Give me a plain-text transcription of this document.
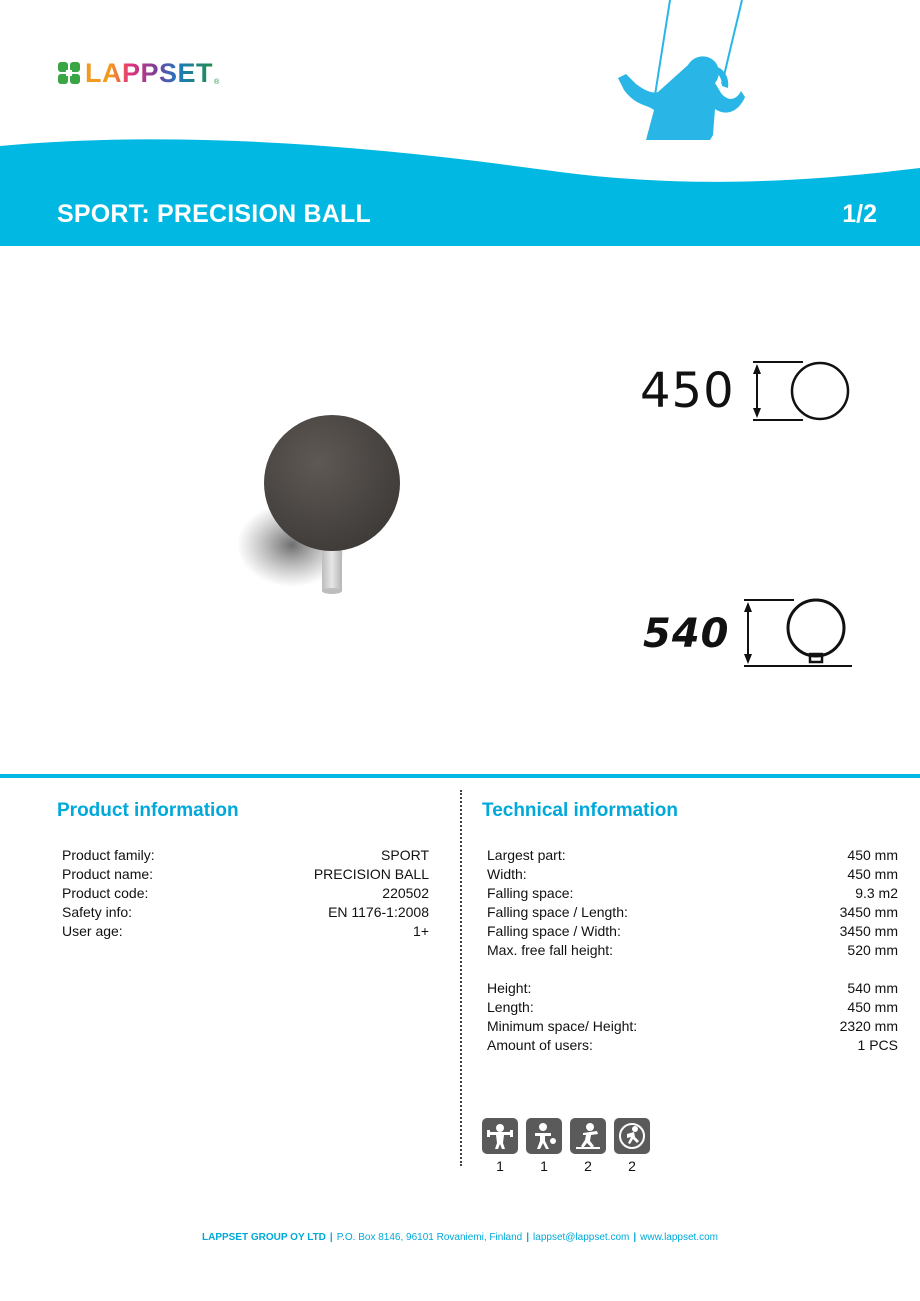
LAPPSET ®
SPORT: PRECISION BALL	1/2
450
540
Product information	Technical information
Product family:	SPORT
Product name:	PRECISION BALL
Product code:	220502
Safety info:	EN 1176-1:2008
User age:	1+
Largest part:	450 mm
Width:	450 mm
Falling space:	9.3 m2
Falling space / Length:	3450 mm
Falling space / Width:	3450 mm
Max. free fall height:	520 mm
Height:	540 mm
Length:	450 mm
Minimum space/ Height:	2320 mm
Amount of users:	1 PCS
1	1	2	2
LAPPSET GROUP OY LTD | P.O. Box 8146, 96101 Rovaniemi, Finland | lappset@lappset.com | www.lappset.com
